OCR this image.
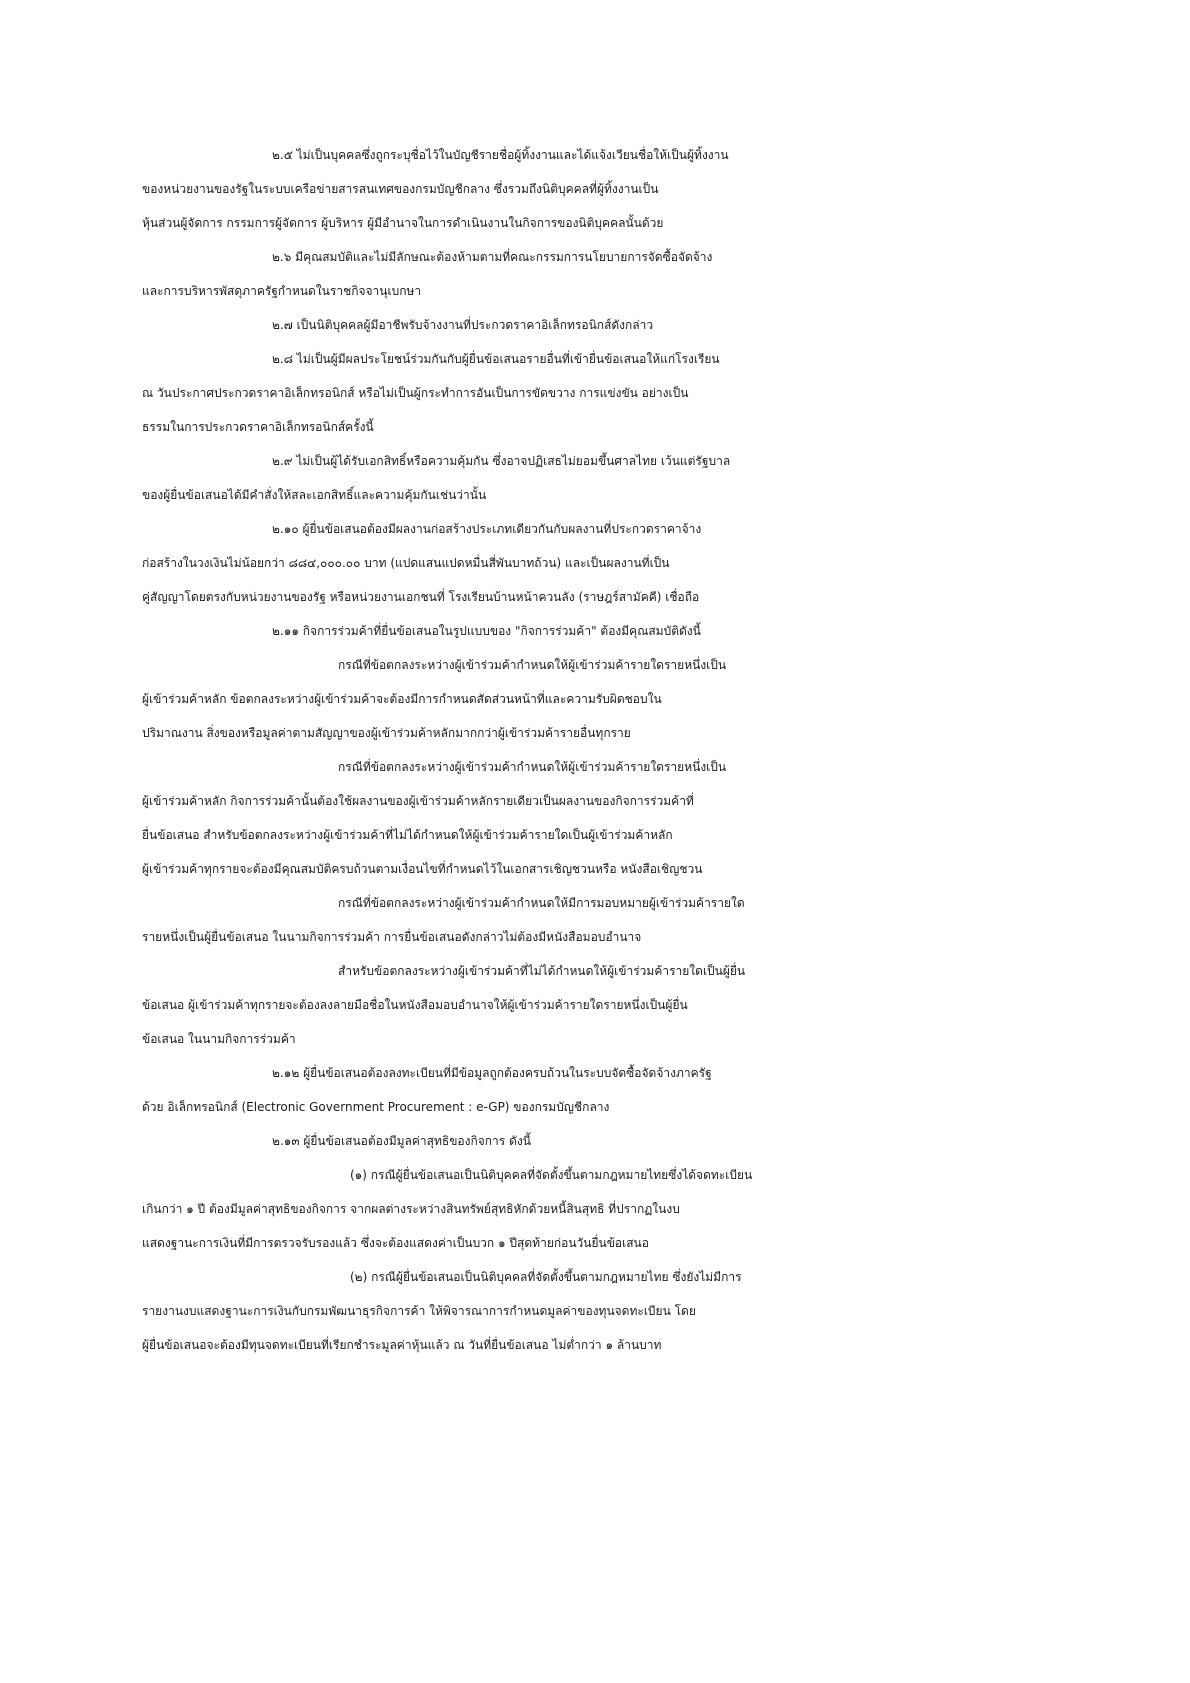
๒.๕ ไม่เป็นบุคคลซึ่งถูกระบุชื่อไว้ในบัญชีรายชื่อผู้ทิ้งงานและได้แจ้งเวียนชื่อให้เป็นผู้ทิ้งงาน
ของหน่วยงานของรัฐในระบบเครือข่ายสารสนเทศของกรมบัญชีกลาง ซึ่งรวมถึงนิติบุคคลที่ผู้ทิ้งงานเป็น
หุ้นส่วนผู้จัดการ กรรมการผู้จัดการ ผู้บริหาร ผู้มีอำนาจในการดำเนินงานในกิจการของนิติบุคคลนั้นด้วย
๒.๖ มีคุณสมบัติและไม่มีลักษณะต้องห้ามตามที่คณะกรรมการนโยบายการจัดซื้อจัดจ้าง
และการบริหารพัสดุภาครัฐกำหนดในราชกิจจานุเบกษา
๒.๗ เป็นนิติบุคคลผู้มีอาชีพรับจ้างงานที่ประกวดราคาอิเล็กทรอนิกส์ดังกล่าว
๒.๘ ไม่เป็นผู้มีผลประโยชน์ร่วมกันกับผู้ยื่นข้อเสนอรายอื่นที่เข้ายื่นข้อเสนอให้แก่โรงเรียน
ณ วันประกาศประกวดราคาอิเล็กทรอนิกส์ หรือไม่เป็นผู้กระทำการอันเป็นการขัดขวาง การแข่งขัน อย่างเป็น
ธรรมในการประกวดราคาอิเล็กทรอนิกส์ครั้งนี้
๒.๙ ไม่เป็นผู้ได้รับเอกสิทธิ์หรือความคุ้มกัน ซึ่งอาจปฏิเสธไม่ยอมขึ้นศาลไทย เว้นแต่รัฐบาล
ของผู้ยื่นข้อเสนอได้มีคำสั่งให้สละเอกสิทธิ์และความคุ้มกันเช่นว่านั้น
๒.๑๐ ผู้ยื่นข้อเสนอต้องมีผลงานก่อสร้างประเภทเดียวกันกับผลงานที่ประกวดราคาจ้าง
ก่อสร้างในวงเงินไม่น้อยกว่า ๘๘๔,๐๐๐.๐๐ บาท (แปดแสนแปดหมื่นสี่พันบาทถ้วน) และเป็นผลงานที่เป็น
คู่สัญญาโดยตรงกับหน่วยงานของรัฐ หรือหน่วยงานเอกชนที่ โรงเรียนบ้านหน้าควนลัง (ราษฎร์สามัคคี) เชื่อถือ
๒.๑๑ กิจการร่วมค้าที่ยื่นข้อเสนอในรูปแบบของ "กิจการร่วมค้า" ต้องมีคุณสมบัติดังนี้
กรณีที่ข้อตกลงระหว่างผู้เข้าร่วมค้ากำหนดให้ผู้เข้าร่วมค้ารายใดรายหนึ่งเป็น
ผู้เข้าร่วมค้าหลัก ข้อตกลงระหว่างผู้เข้าร่วมค้าจะต้องมีการกำหนดสัดส่วนหน้าที่และความรับผิดชอบใน
ปริมาณงาน สิ่งของหรือมูลค่าตามสัญญาของผู้เข้าร่วมค้าหลักมากกว่าผู้เข้าร่วมค้ารายอื่นทุกราย
กรณีที่ข้อตกลงระหว่างผู้เข้าร่วมค้ากำหนดให้ผู้เข้าร่วมค้ารายใดรายหนึ่งเป็น
ผู้เข้าร่วมค้าหลัก กิจการร่วมค้านั้นต้องใช้ผลงานของผู้เข้าร่วมค้าหลักรายเดียวเป็นผลงานของกิจการร่วมค้าที่
ยื่นข้อเสนอ สำหรับข้อตกลงระหว่างผู้เข้าร่วมค้าที่ไม่ได้กำหนดให้ผู้เข้าร่วมค้ารายใดเป็นผู้เข้าร่วมค้าหลัก
ผู้เข้าร่วมค้าทุกรายจะต้องมีคุณสมบัติครบถ้วนตามเงื่อนไขที่กำหนดไว้ในเอกสารเชิญชวนหรือ หนังสือเชิญชวน
กรณีที่ข้อตกลงระหว่างผู้เข้าร่วมค้ากำหนดให้มีการมอบหมายผู้เข้าร่วมค้ารายใด
รายหนึ่งเป็นผู้ยื่นข้อเสนอ ในนามกิจการร่วมค้า การยื่นข้อเสนอดังกล่าวไม่ต้องมีหนังสือมอบอำนาจ
สำหรับข้อตกลงระหว่างผู้เข้าร่วมค้าที่ไม่ได้กำหนดให้ผู้เข้าร่วมค้ารายใดเป็นผู้ยื่น
ข้อเสนอ ผู้เข้าร่วมค้าทุกรายจะต้องลงลายมือชื่อในหนังสือมอบอำนาจให้ผู้เข้าร่วมค้ารายใดรายหนึ่งเป็นผู้ยื่น
ข้อเสนอ ในนามกิจการร่วมค้า
๒.๑๒ ผู้ยื่นข้อเสนอต้องลงทะเบียนที่มีข้อมูลถูกต้องครบถ้วนในระบบจัดซื้อจัดจ้างภาครัฐ
ด้วย อิเล็กทรอนิกส์ (Electronic Government Procurement : e-GP) ของกรมบัญชีกลาง
๒.๑๓ ผู้ยื่นข้อเสนอต้องมีมูลค่าสุทธิของกิจการ ดังนี้
(๑) กรณีผู้ยื่นข้อเสนอเป็นนิติบุคคลที่จัดตั้งขึ้นตามกฎหมายไทยซึ่งได้จดทะเบียน
เกินกว่า ๑ ปี ต้องมีมูลค่าสุทธิของกิจการ จากผลต่างระหว่างสินทรัพย์สุทธิหักด้วยหนี้สินสุทธิ ที่ปรากฏในงบ
แสดงฐานะการเงินที่มีการตรวจรับรองแล้ว ซึ่งจะต้องแสดงค่าเป็นบวก ๑ ปีสุดท้ายก่อนวันยื่นข้อเสนอ
(๒) กรณีผู้ยื่นข้อเสนอเป็นนิติบุคคลที่จัดตั้งขึ้นตามกฎหมายไทย ซึ่งยังไม่มีการ
รายงานงบแสดงฐานะการเงินกับกรมพัฒนาธุรกิจการค้า ให้พิจารณาการกำหนดมูลค่าของทุนจดทะเบียน โดย
ผู้ยื่นข้อเสนอจะต้องมีทุนจดทะเบียนที่เรียกชำระมูลค่าหุ้นแล้ว ณ วันที่ยื่นข้อเสนอ ไม่ต่ำกว่า ๑ ล้านบาท
